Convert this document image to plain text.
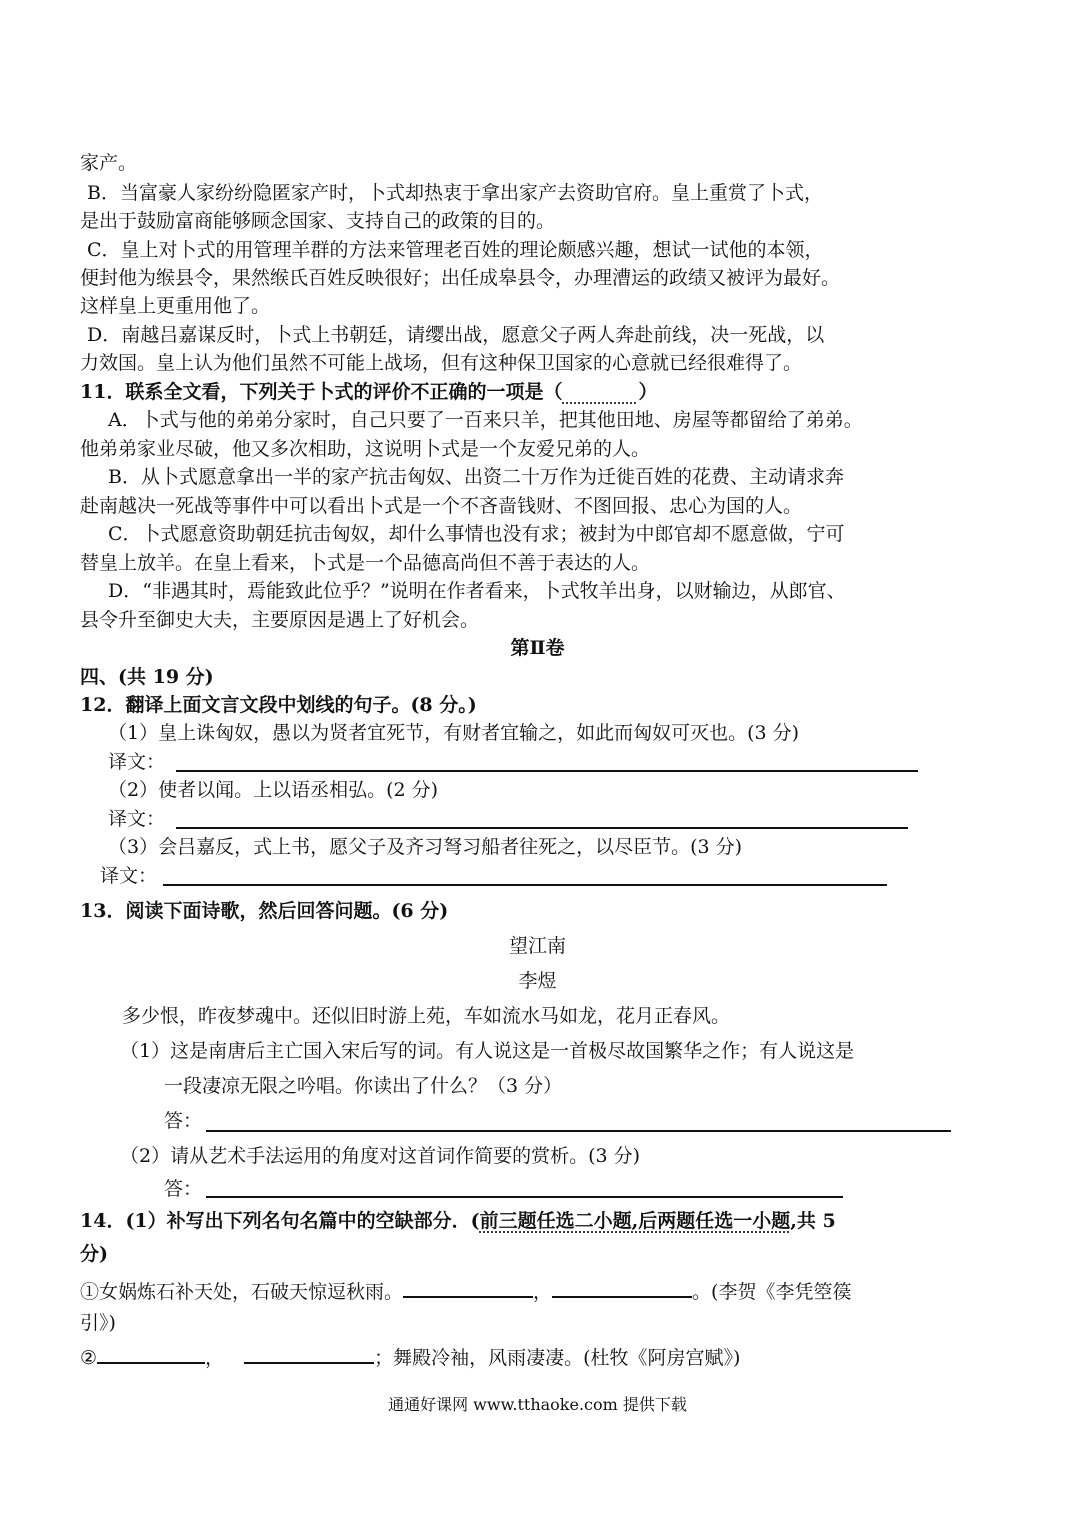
家产。
B．当富豪人家纷纷隐匿家产时，卜式却热衷于拿出家产去资助官府。皇上重赏了卜式，
是出于鼓励富商能够顾念国家、支持自己的政策的目的。
C．皇上对卜式的用管理羊群的方法来管理老百姓的理论颇感兴趣，想试一试他的本领，
便封他为缑县令，果然缑氏百姓反映很好；出任成皋县令，办理漕运的政绩又被评为最好。
这样皇上更重用他了。
D．南越吕嘉谋反时，卜式上书朝廷，请缨出战，愿意父子两人奔赴前线，决一死战，以
力效国。皇上认为他们虽然不可能上战场，但有这种保卫国家的心意就已经很难得了。
11．联系全文看，下列关于卜式的评价不正确的一项是（　　　　	）
A．卜式与他的弟弟分家时，自己只要了一百来只羊，把其他田地、房屋等都留给了弟弟。
他弟弟家业尽破，他又多次相助，这说明卜式是一个友爱兄弟的人。
B．从卜式愿意拿出一半的家产抗击匈奴、出资二十万作为迁徙百姓的花费、主动请求奔
赴南越决一死战等事件中可以看出卜式是一个不吝啬钱财、不图回报、忠心为国的人。
C．卜式愿意资助朝廷抗击匈奴，却什么事情也没有求；被封为中郎官却不愿意做，宁可
替皇上放羊。在皇上看来，卜式是一个品德高尚但不善于表达的人。
D．“非遇其时，焉能致此位乎？”说明在作者看来，卜式牧羊出身，以财输边，从郎官、
县令升至御史大夫，主要原因是遇上了好机会。
第Ⅱ卷
四、(共 19 分)
12．翻译上面文言文段中划线的句子。(8 分。)
（1）皇上诛匈奴，愚以为贤者宜死节，有财者宜输之，如此而匈奴可灭也。(3 分)
译文：
（2）使者以闻。上以语丞相弘。(2 分)
译文：
（3）会吕嘉反，式上书，愿父子及齐习弩习船者往死之，以尽臣节。(3 分)
译文：
13．阅读下面诗歌，然后回答问题。(6 分)
望江南
李煜
多少恨，昨夜梦魂中。还似旧时游上苑，车如流水马如龙，花月正春风。
（1）这是南唐后主亡国入宋后写的词。有人说这是一首极尽故国繁华之作；有人说这是
一段凄凉无限之吟唱。你读出了什么？（3 分）
答：
（2）请从艺术手法运用的角度对这首词作简要的赏析。(3 分)
答：
14．(1）补写出下列名句名篇中的空缺部分．(前三题任选二小题,后两题任选一小题,共 5
分)
①女娲炼石补天处，石破天惊逗秋雨。	，	。(李贺《李凭箜篌
引》)
②	，	；舞殿冷袖，风雨凄凄。(杜牧《阿房宫赋》)
通通好课网 www.tthaoke.com 提供下载
